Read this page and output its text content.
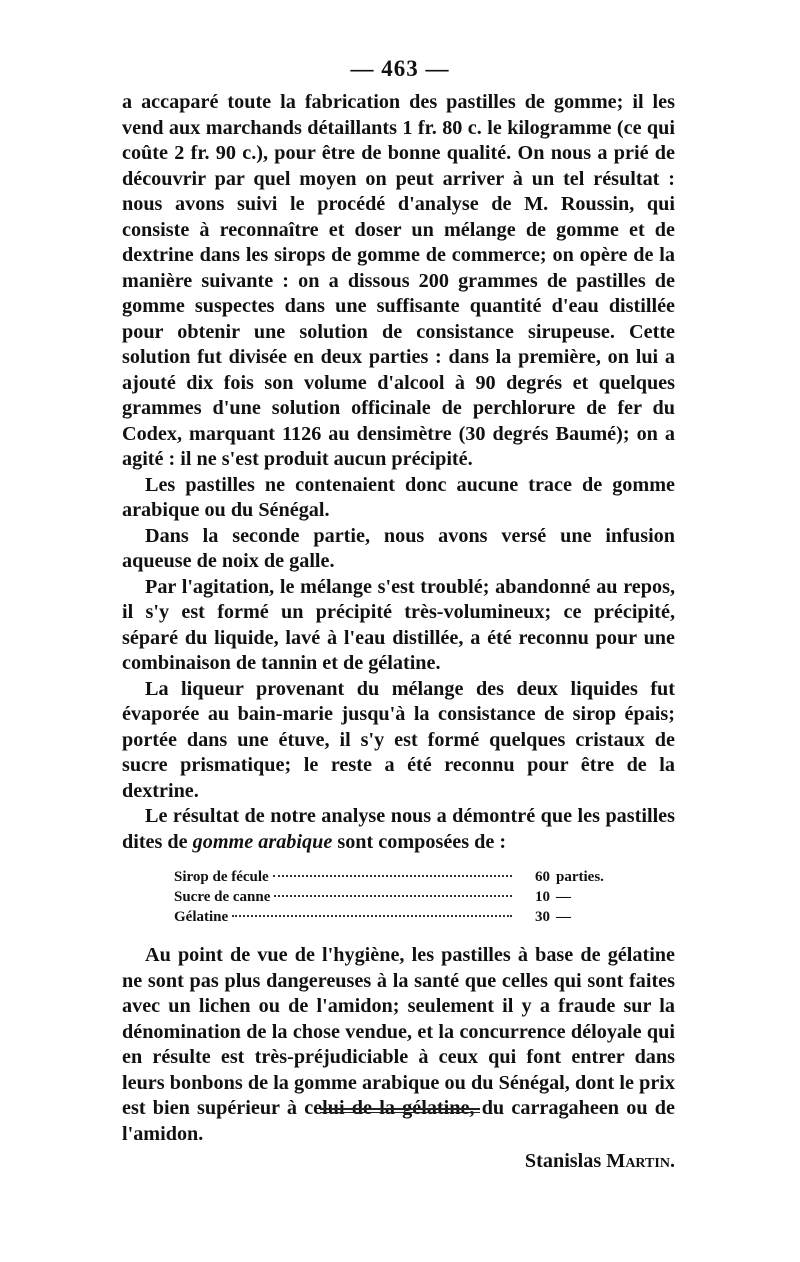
— 463 —

a accaparé toute la fabrication des pastilles de gomme; il les vend aux marchands détaillants 1 fr. 80 c. le kilogramme (ce qui coûte 2 fr. 90 c.), pour être de bonne qualité. On nous a prié de découvrir par quel moyen on peut arriver à un tel résultat : nous avons suivi le procédé d'analyse de M. Roussin, qui consiste à reconnaître et doser un mélange de gomme et de dextrine dans les sirops de gomme de commerce; on opère de la manière suivante : on a dissous 200 grammes de pastilles de gomme suspectes dans une suffisante quantité d'eau distillée pour obtenir une solution de consistance sirupeuse. Cette solution fut divisée en deux parties : dans la première, on lui a ajouté dix fois son volume d'alcool à 90 degrés et quelques grammes d'une solution officinale de perchlorure de fer du Codex, marquant 1126 au densimètre (30 degrés Baumé); on a agité : il ne s'est produit aucun précipité.

Les pastilles ne contenaient donc aucune trace de gomme arabique ou du Sénégal.

Dans la seconde partie, nous avons versé une infusion aqueuse de noix de galle.

Par l'agitation, le mélange s'est troublé; abandonné au repos, il s'y est formé un précipité très-volumineux; ce précipité, séparé du liquide, lavé à l'eau distillée, a été reconnu pour une combinaison de tannin et de gélatine.

La liqueur provenant du mélange des deux liquides fut évaporée au bain-marie jusqu'à la consistance de sirop épais; portée dans une étuve, il s'y est formé quelques cristaux de sucre prismatique; le reste a été reconnu pour être de la dextrine.

Le résultat de notre analyse nous a démontré que les pastilles dites de gomme arabique sont composées de :

Sirop de fécule	60 parties.
Sucre de canne	10 —
Gélatine	30 —

Au point de vue de l'hygiène, les pastilles à base de gélatine ne sont pas plus dangereuses à la santé que celles qui sont faites avec un lichen ou de l'amidon; seulement il y a fraude sur la dénomination de la chose vendue, et la concurrence déloyale qui en résulte est très-préjudiciable à ceux qui font entrer dans leurs bonbons de la gomme arabique ou du Sénégal, dont le prix est bien supérieur à celui de la gélatine, du carragaheen ou de l'amidon.

Stanislas Martin.
